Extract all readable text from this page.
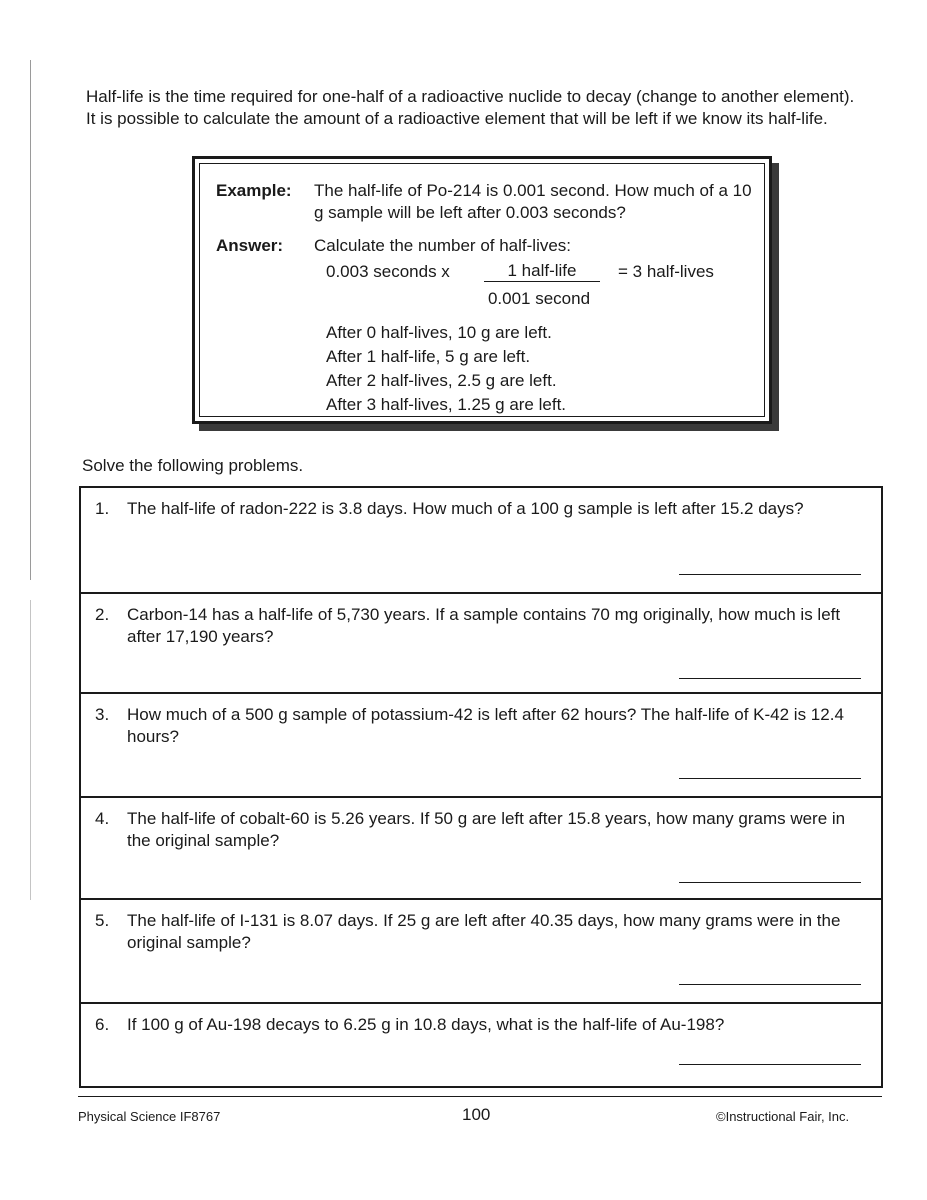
Half-life is the time required for one-half of a radioactive nuclide to decay (change to another element). It is possible to calculate the amount of a radioactive element that will be left if we know its half-life.

Example: The half-life of Po-214 is 0.001 second. How much of a 10 g sample will be left after 0.003 seconds?
Answer: Calculate the number of half-lives:
0.003 seconds x	1 half-life	= 3 half-lives
0.001 second
After 0 half-lives, 10 g are left.
After 1 half-life, 5 g are left.
After 2 half-lives, 2.5 g are left.
After 3 half-lives, 1.25 g are left.
Solve the following problems.
1. The half-life of radon-222 is 3.8 days. How much of a 100 g sample is left after 15.2 days?
2. Carbon-14 has a half-life of 5,730 years. If a sample contains 70 mg originally, how much is left after 17,190 years?
3. How much of a 500 g sample of potassium-42 is left after 62 hours? The half-life of K-42 is 12.4 hours?
4. The half-life of cobalt-60 is 5.26 years. If 50 g are left after 15.8 years, how many grams were in the original sample?
5. The half-life of I-131 is 8.07 days. If 25 g are left after 40.35 days, how many grams were in the original sample?
6. If 100 g of Au-198 decays to 6.25 g in 10.8 days, what is the half-life of Au-198?
Physical Science IF8767	100	©Instructional Fair, Inc.
